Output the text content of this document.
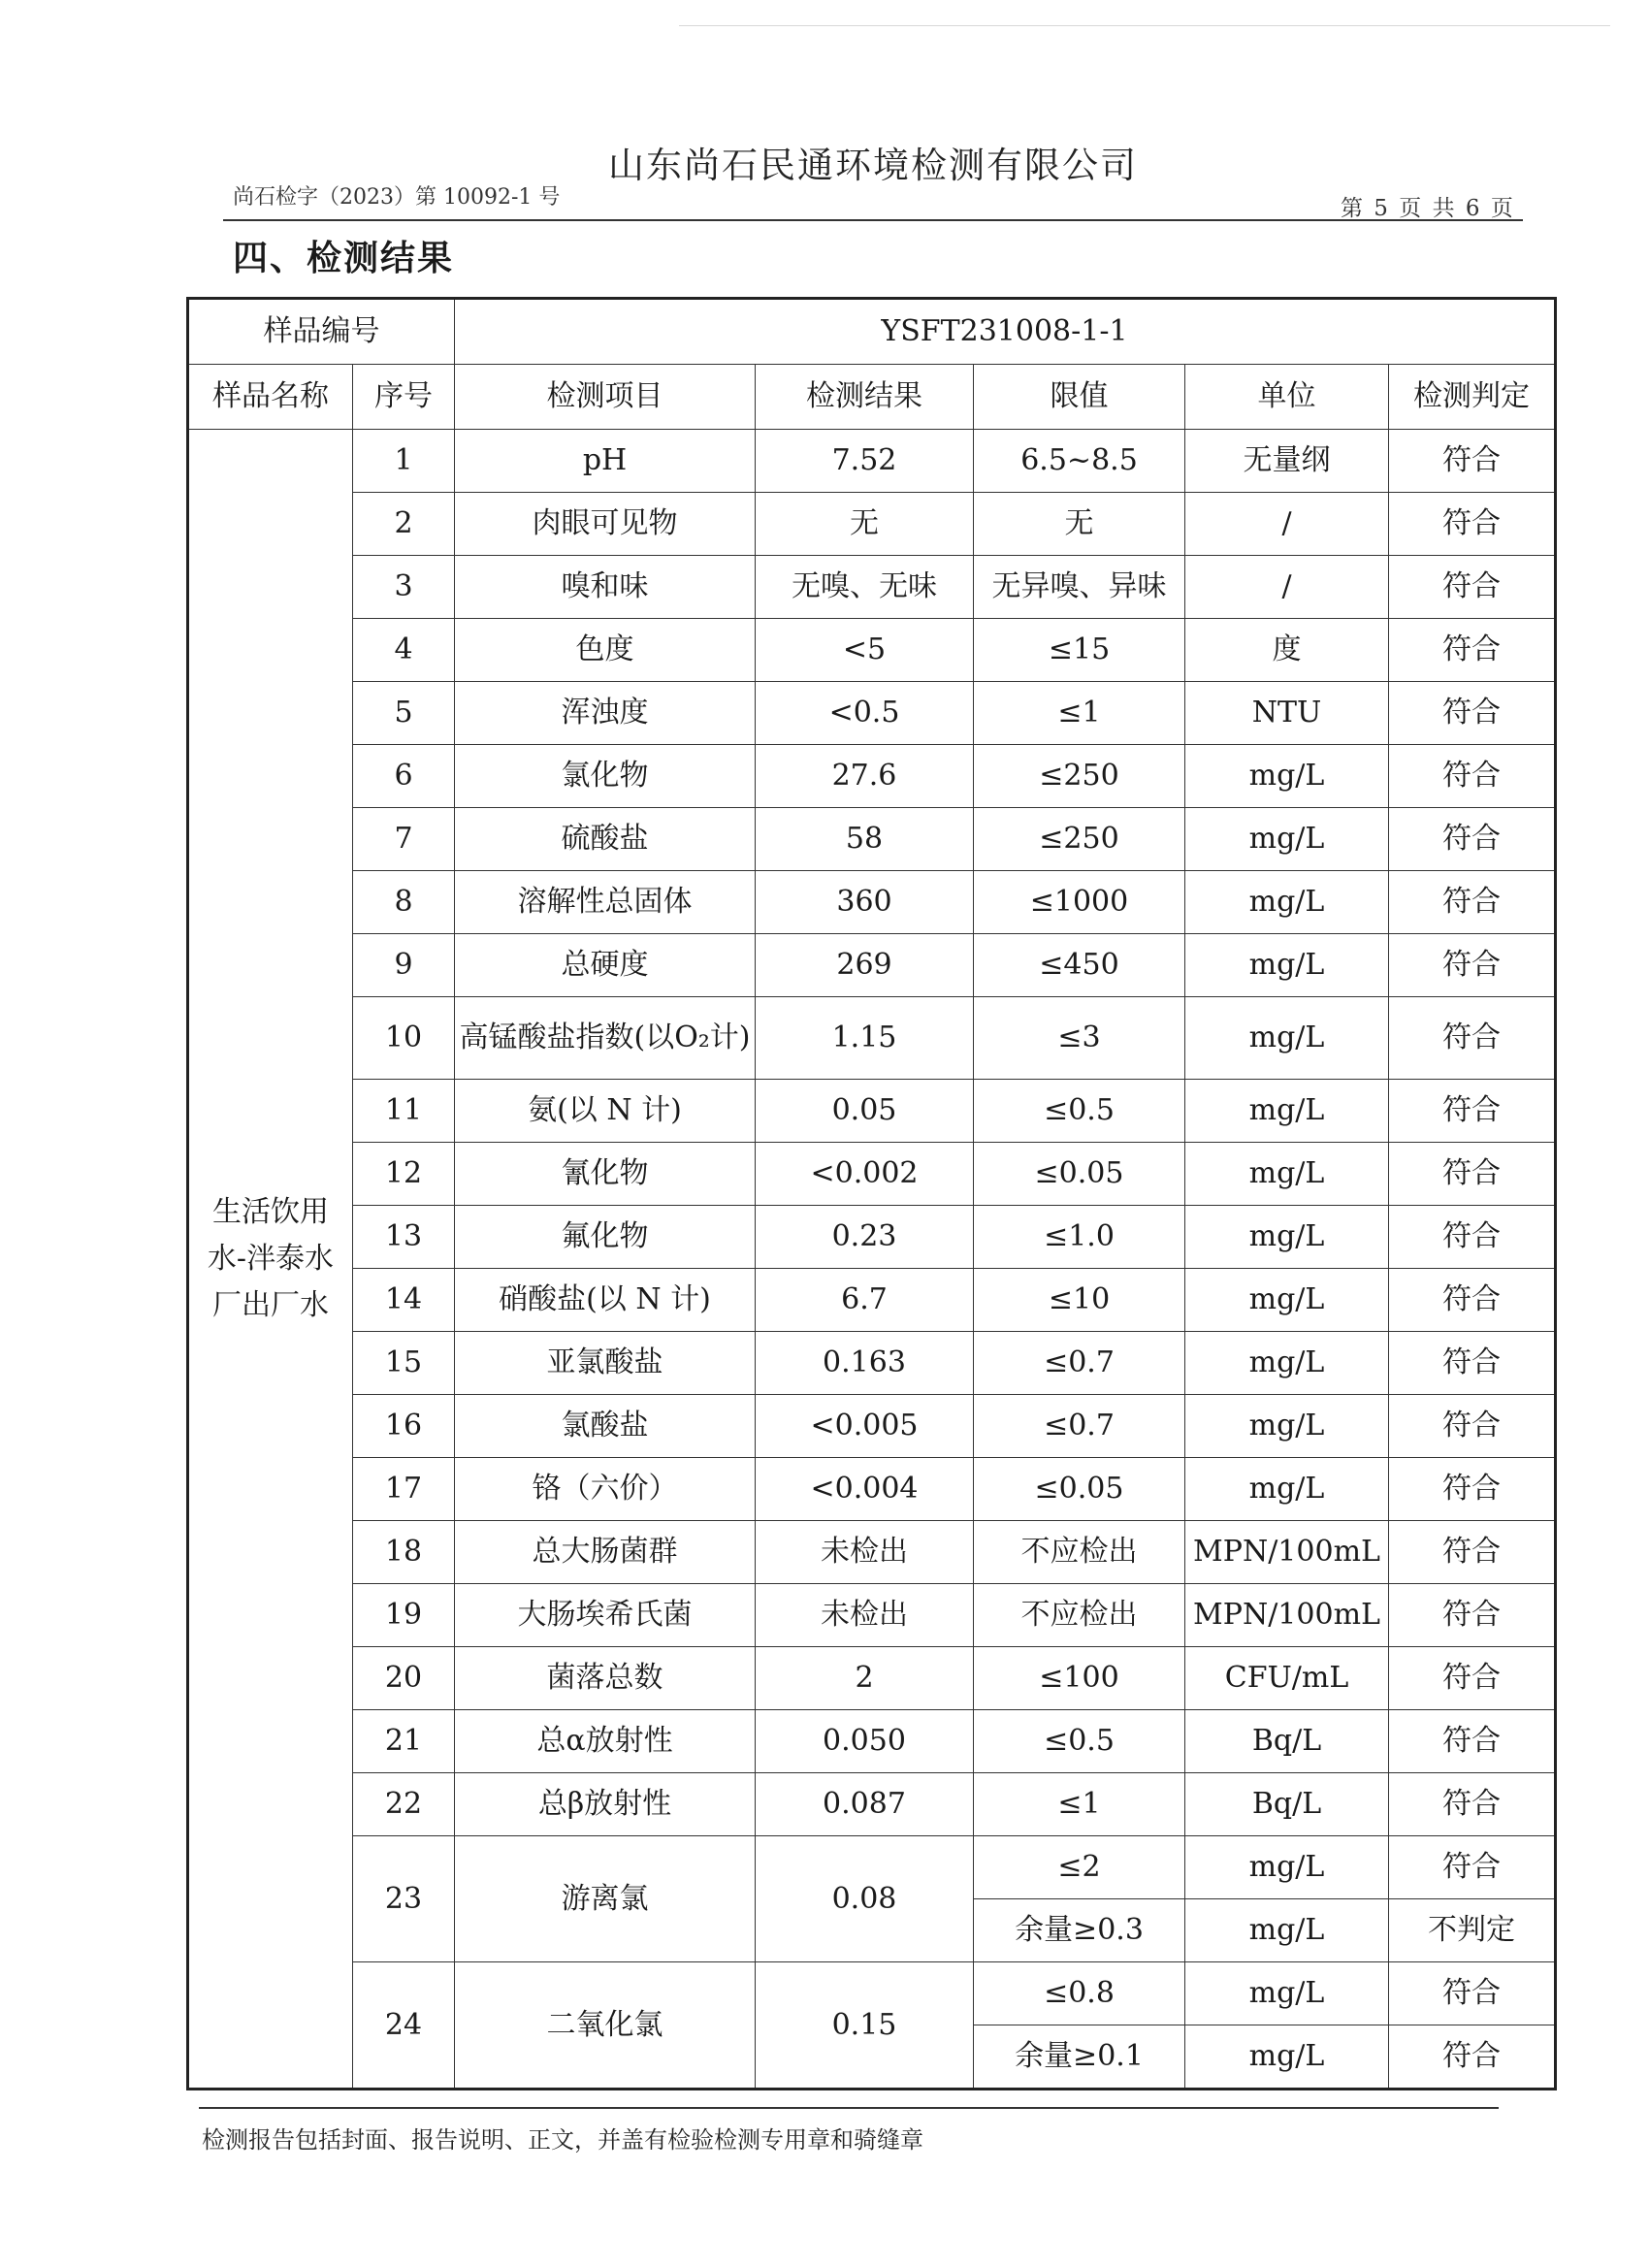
山东尚石民通环境检测有限公司
尚石检字（2023）第 10092-1 号	第 5 页 共 6 页
四、检测结果
样品编号		YSFT231008-1-1				
样品名称	序号	检测项目	检测结果	限值	单位	检测判定
生活饮用水-泮泰水厂出厂水	1	pH	7.52	6.5~8.5	无量纲	符合
	2	肉眼可见物	无	无	/	符合
	3	嗅和味	无嗅、无味	无异嗅、异味	/	符合
	4	色度	<5	≤15	度	符合
	5	浑浊度	<0.5	≤1	NTU	符合
	6	氯化物	27.6	≤250	mg/L	符合
	7	硫酸盐	58	≤250	mg/L	符合
	8	溶解性总固体	360	≤1000	mg/L	符合
	9	总硬度	269	≤450	mg/L	符合
	10	高锰酸盐指数(以O₂计)	1.15	≤3	mg/L	符合
	11	氨(以 N 计)	0.05	≤0.5	mg/L	符合
	12	氰化物	<0.002	≤0.05	mg/L	符合
	13	氟化物	0.23	≤1.0	mg/L	符合
	14	硝酸盐(以 N 计)	6.7	≤10	mg/L	符合
	15	亚氯酸盐	0.163	≤0.7	mg/L	符合
	16	氯酸盐	<0.005	≤0.7	mg/L	符合
	17	铬（六价）	<0.004	≤0.05	mg/L	符合
	18	总大肠菌群	未检出	不应检出	MPN/100mL	符合
	19	大肠埃希氏菌	未检出	不应检出	MPN/100mL	符合
	20	菌落总数	2	≤100	CFU/mL	符合
	21	总α放射性	0.050	≤0.5	Bq/L	符合
	22	总β放射性	0.087	≤1	Bq/L	符合
	23	游离氯	0.08	≤2	mg/L	符合
				余量≥0.3	mg/L	不判定
	24	二氧化氯	0.15	≤0.8	mg/L	符合
				余量≥0.1	mg/L	符合
检测报告包括封面、报告说明、正文，并盖有检验检测专用章和骑缝章
